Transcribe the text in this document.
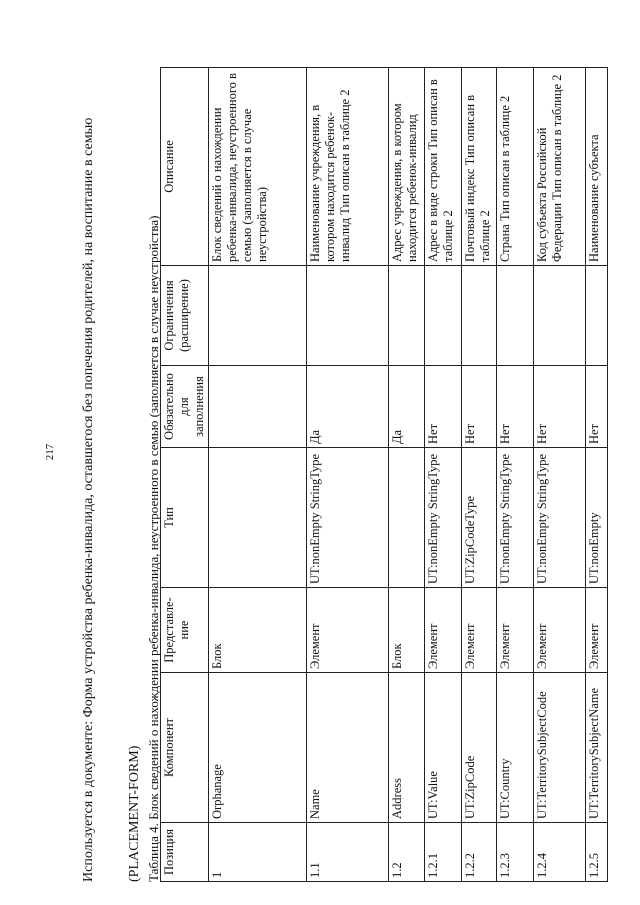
217 Используется в документе: Форма устройства ребенка-инвалида, оставшегося без попечения родителей, на воспитание в семью (PLACEMENT-FORM) Таблица 4. Блок сведений о нахождении ребенка-инвалида, неустроенного в семью (заполняется в случае неустройства) Позиция	Компонент	Представле-ние	Тип	Обязательно для заполнения	Ограничения (расширение)	Описание
1	Orphanage	Блок				Блок сведений о нахождении ребенка-инвалида, неустроенного в семью (заполняется в случае неустройства)
1.1	Name	Элемент	UT:nonEmpty StringType	Да		Наименование учреждения, в котором находится ребенок-инвалид Тип описан в таблице 2
1.2	Address	Блок		Да		Адрес учреждения, в котором находится ребенок-инвалид
1.2.1	UT:Value	Элемент	UT:nonEmpty StringType	Нет		Адрес в виде строки Тип описан в таблице 2
1.2.2	UT:ZipCode	Элемент	UT:ZipCodeType	Нет		Почтовый индекс Тип описан в таблице 2
1.2.3	UT:Country	Элемент	UT:nonEmpty StringType	Нет		Страна Тип описан в таблице 2
1.2.4	UT:TerritorySubjectCode	Элемент	UT:nonEmpty StringType	Нет		Код субъекта Российской Федерации Тип описан в таблице 2
1.2.5	UT:TerritorySubjectName	Элемент	UT:nonEmpty	Нет		Наименование субъекта
